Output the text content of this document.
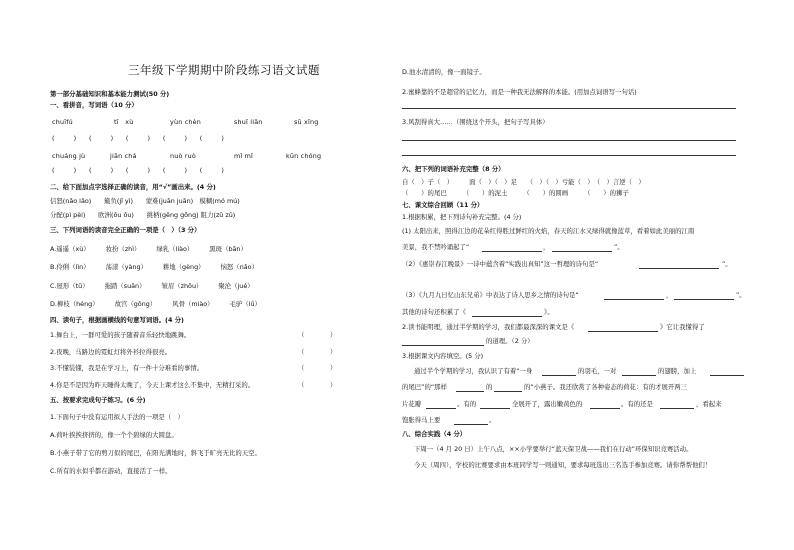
三年级下学期期中阶段练习语文试题
第一部分基础知识和基本能力测试(50 分)
一、看拼音，写词语（10 分）
chuīfú	tī　xù	yùn chèn	shuǐ liǎn	sū xǐng
(　　　)　　(　　　)　　(　　　)　　(　　　)　　(　　　)
chuáng jù	jiān chá	nuò ruò	mǐ mǐ	kūn chóng
(　　　)　　(　　　)　　(　　　)　　(　　　)　　(　　　)
二、给下面加点字选择正确的读音，用“√”画出来。(4 分)
信怒(nǎo lǎo)　　簸负(jǐ yì)　　蒙难(juān juān)　模糊(mó mú)
分配(pì pèi)　　欧洲(ōu ǒu)　　挑柄(gěng gōng) 阻力(zǔ zū)
三、下列词语的读音完全正确的一项是（　）（3 分）
A.遥遥（xù）　　　妆扮（zhì）　　　绿乳（liào）　　　黑斑（bān）
B.伶俐（lìn）　　　荡漾（yàng）　　　耕地（gèng）　　　恼怒（nǎo）
C.屋形（tǔ）　　　拖踏（suān）　　　皱眉（zhōu）　　　聚沦（jué）
D.柳枝（héng）　　　故宫（gōng）　　　风骨（miào）　　　毛驴（lǘ）
四、读句子，根据画横线的句意写词语。(4 分)
1.舞台上，一群可爱的孩子随着音乐轻快地跳舞。	（　　　　）
2.夜晚，马路边的霓虹灯将外衫拉得很亮。	（　　　　）
3.不懂装懂，我是在学习上，有一件十分难看的事情。	（　　　　）
4.你是不是因为昨天睡得太晚了，今天上课才这么不集中，无精打采的。	（　　　　）
五、按要求完成句子练习。(6 分)
1.下面句子中没有运用拟人手法的一项是（　）
A.荷叶挨挨挤挤的，像一个个碧绿的大圆盘。
B.小燕子带了它的剪刀似的尾巴，在阳光满地时，斜飞于旷亮无比的天空。
C.所有的水似乎都在游动，直接活了一样。
D.池水清清的，像一面镜子。
2.蜜蜂靠的不是超常的记忆力，而是一种我无法解释的本能。(用加点词语写一句话)
3.风刮得真大……（围绕这个开头，把句子写具体）
六、把下列的词语补充完整（8 分）
自（　）子（　）　　　面（　）（　）足　　（　）（　）亏能（　）　（　）言逆（　）
（　　）的尾巴　　　（　　）的泥土　　　（　　）的圆画　　　（　　）的狮子
七、课文综合回顾（11 分）
1.根据积累，把下列诗句补充完整。(4 分)
(1) 太阳出来，照得江边的花朵红得胜过鲜红的火焰，春天的江水又绿得就像蓝草，看着如此美丽的江南
美景，我不禁吟诵起了“	，	”。
（2）《惠崇春江晚景》一诗中蕴含着“实践出真知”这一哲理的诗句是“	”。
（3）《九月九日忆山东兄弟》中表达了诗人思乡之情的诗句是“	，	”。
其他的诗句还积累了《	》。
2.读书能明理，通过半学期的学习，我们都最深深的课文是《	》它让我懂得了
的道理。（2 分）
3.根据课文内容填空。(5 分)
通过半个学期的学习，我认识了有着“一身	的羽毛，一对	的翅膀，加上
的尾巴”的“那样	的	的”小燕子。我还欣赏了各种姿态的荷花：有的才展开两三
片花瓣	。有的	全展开了，露出嫩黄色的	。有的还是	，看起来
饱胀得马上要	。
八、综合实践（4 分）
下周一（4 月 20 日）上午八点，××小学要举行“蓝天保卫战——我们在行动”环保知识竞赛活动。
今天（周四），学校的比赛要求由本班同学写一则通知，要求每班选出三名选手参加竞赛。请你帮帮他们！
